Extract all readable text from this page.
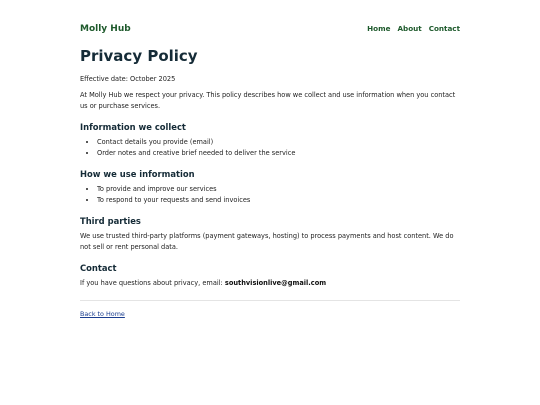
Molly Hub	Home About Contact
Privacy Policy

Effective date: October 2025

At Molly Hub we respect your privacy. This policy describes how we collect and use information when you contact us or purchase services.

Information we collect
• Contact details you provide (email)
• Order notes and creative brief needed to deliver the service
How we use information
• To provide and improve our services
• To respond to your requests and send invoices
Third parties

We use trusted third-party platforms (payment gateways, hosting) to process payments and host content. We do not sell or rent personal data.

Contact

If you have questions about privacy, email: southvisionlive@gmail.com

Back to Home
